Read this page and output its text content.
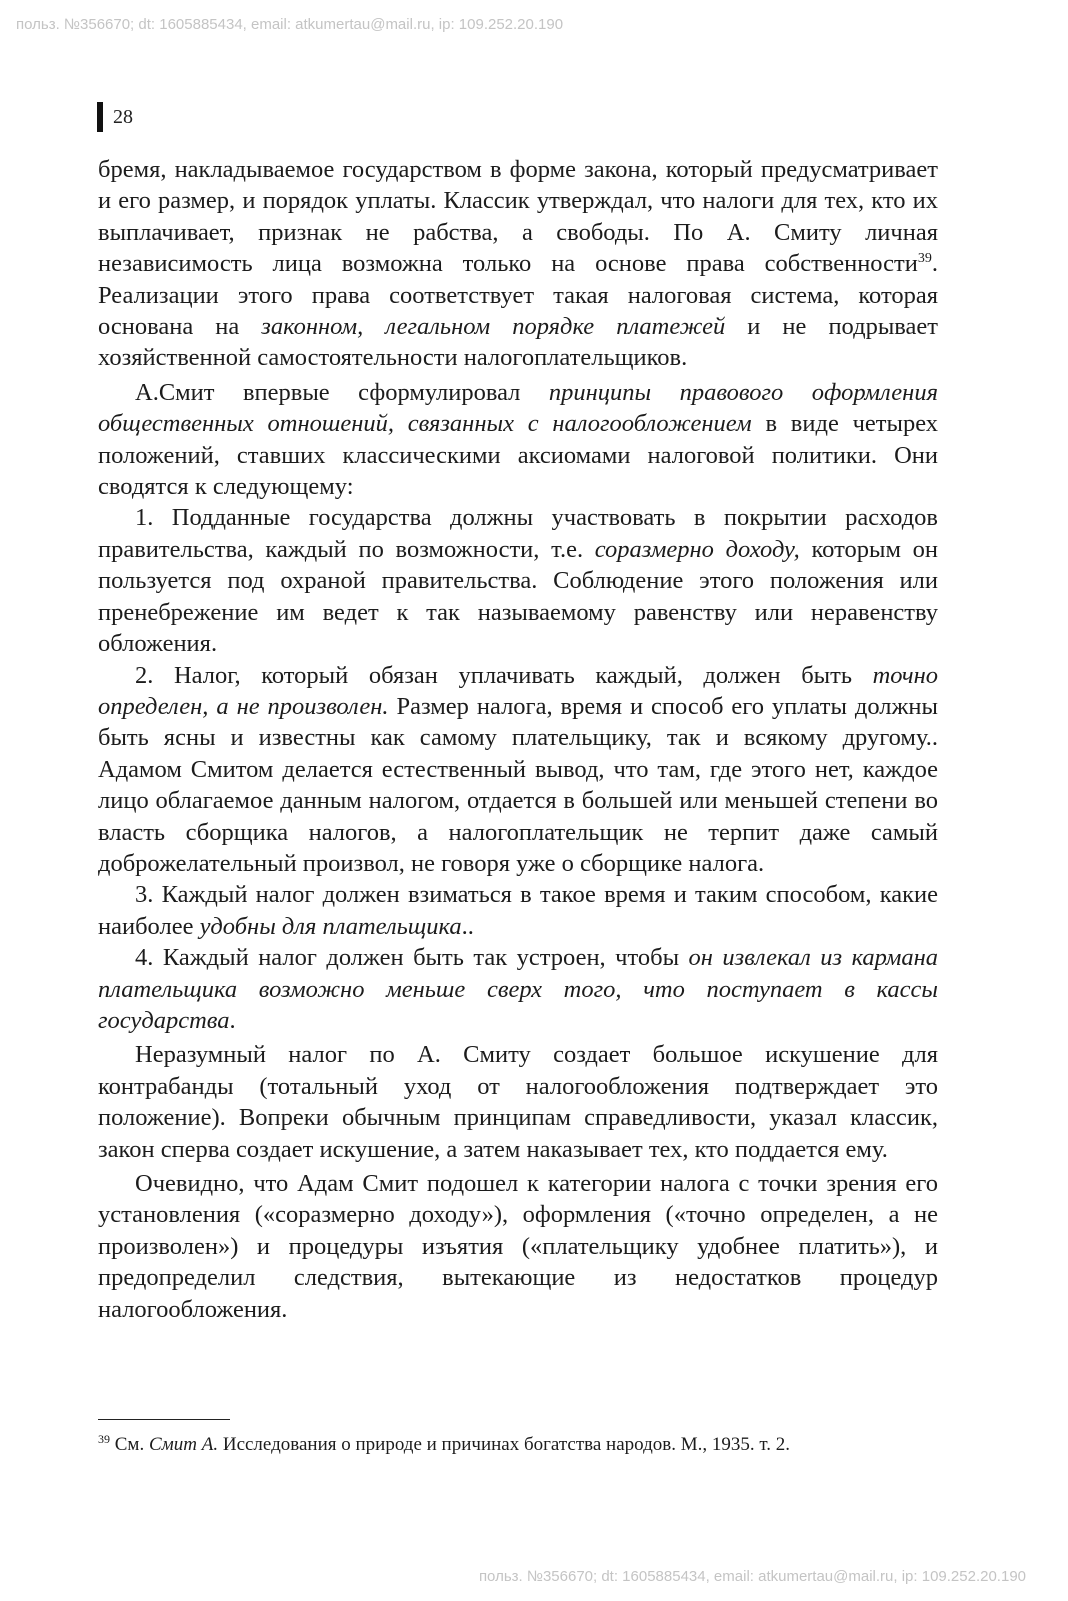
польз. №356670; dt: 1605885434, email: atkumertau@mail.ru, ip: 109.252.20.190
28

бремя, накладываемое государством в форме закона, который предусматривает и его размер, и порядок уплаты. Классик утверждал, что налоги для тех, кто их выплачивает, признак не рабства, а свободы. По А. Смиту личная независимость лица возможна только на основе права собственности$^{39}$. Реализации этого права соответствует такая налоговая система, которая основана на законном, легальном порядке платежей и не подрывает хозяйственной самостоятельности налогоплательщиков.

А.Смит впервые сформулировал принципы правового оформления общественных отношений, связанных с налогообложением в виде четырех положений, ставших классическими аксиомами налоговой политики. Они сводятся к следующему:

1. Подданные государства должны участвовать в покрытии расходов правительства, каждый по возможности, т.е. соразмерно доходу, которым он пользуется под охраной правительства. Соблюдение этого положения или пренебрежение им ведет к так называемому равенству или неравенству обложения.

2. Налог, который обязан уплачивать каждый, должен быть точно определен, а не произволен. Размер налога, время и способ его уплаты должны быть ясны и известны как самому плательщику, так и всякому другому.. Адамом Смитом делается естественный вывод, что там, где этого нет, каждое лицо облагаемое данным налогом, отдается в большей или меньшей степени во власть сборщика налогов, а налогоплательщик не терпит даже самый доброжелательный произвол, не говоря уже о сборщике налога.

3. Каждый налог должен взиматься в такое время и таким способом, какие наиболее удобны для плательщика..

4. Каждый налог должен быть так устроен, чтобы он извлекал из кармана плательщика возможно меньше сверх того, что поступает в кассы государства.

Неразумный налог по А. Смиту создает большое искушение для контрабанды (тотальный уход от налогообложения подтверждает это положение). Вопреки обычным принципам справедливости, указал классик, закон сперва создает искушение, а затем наказывает тех, кто поддается ему.

Очевидно, что Адам Смит подошел к категории налога с точки зрения его установления («соразмерно доходу»), оформления («точно определен, а не произволен») и процедуры изъятия («плательщику удобнее платить»), и предопределил следствия, вытекающие из недостатков процедур налогообложения.

$^{39}$ См. Смит А. Исследования о природе и причинах богатства народов. М., 1935. т. 2.
польз. №356670; dt: 1605885434, email: atkumertau@mail.ru, ip: 109.252.20.190
